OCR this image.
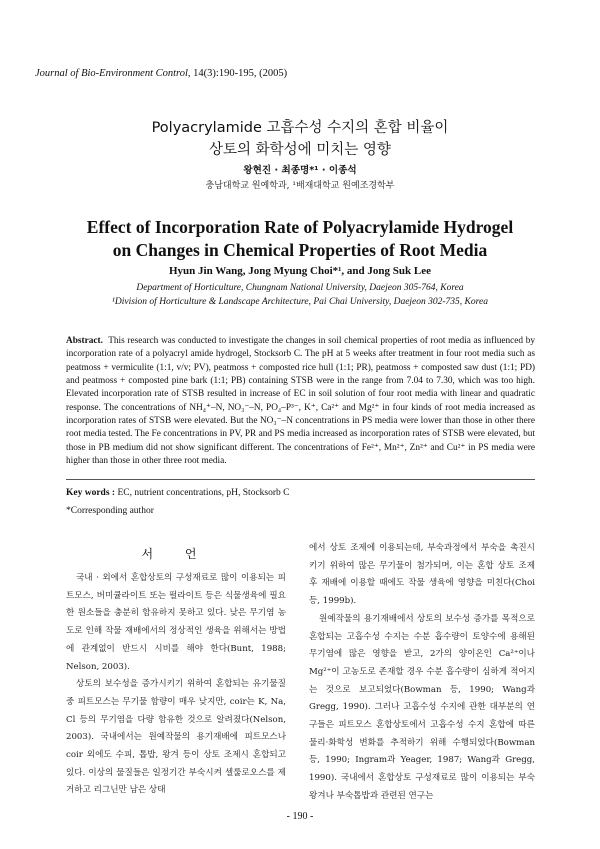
Journal of Bio-Environment Control, 14(3):190-195, (2005)
Polyacrylamide 고흡수성 수지의 혼합 비율이
상토의 화학성에 미치는 영향
왕현진 · 최종명*¹ · 이종석
충남대학교 원예학과, ¹배재대학교 원예조경학부
Effect of Incorporation Rate of Polyacrylamide Hydrogel
on Changes in Chemical Properties of Root Media
Hyun Jin Wang, Jong Myung Choi*¹, and Jong Suk Lee
Department of Horticulture, Chungnam National University, Daejeon 305-764, Korea
¹Division of Horticulture & Landscape Architecture, Pai Chai University, Daejeon 302-735, Korea
Abstract. This research was conducted to investigate the changes in soil chemical properties of root media as influenced by incorporation rate of a polyacryl amide hydrogel, Stocksorb C. The pH at 5 weeks after treatment in four root media such as peatmoss + vermiculite (1:1, v/v; PV), peatmoss + composted rice hull (1:1; PR), peatmoss + composted saw dust (1:1; PD) and peatmoss + composted pine bark (1:1; PB) containing STSB were in the range from 7.04 to 7.30, which was too high. Elevated incorporation rate of STSB resulted in increase of EC in soil solution of four root media with linear and quadratic response. The concentrations of NH₄⁺–N, NO₃⁻–N, PO₄–P³⁻, K⁺, Ca²⁺ and Mg²⁺ in four kinds of root media increased as incorporation rates of STSB were elevated. But the NO₃⁻–N concentrations in PS media were lower than those in other there root media tested. The Fe concentrations in PV, PR and PS media increased as incorporation rates of STSB were elevated, but those in PB medium did not show significant different. The concentrations of Fe²⁺, Mn²⁺, Zn²⁺ and Cu²⁺ in PS media were higher than those in other three root media.
Key words : EC, nutrient concentrations, pH, Stocksorb C
*Corresponding author
서 언

국내 · 외에서 혼합상토의 구성재료로 많이 이용되는 피트모스, 버미큘라이트 또는 펄라이트 등은 식물생육에 필요한 원소들을 충분히 함유하지 못하고 있다. 낮은 무기염 농도로 인해 작물 재배에서의 정상적인 생육을 위해서는 방법에 관계없이 반드시 시비를 해야 한다(Bunt, 1988; Nelson, 2003).

상토의 보수성을 증가시키기 위하여 혼합되는 유기물질 중 피트모스는 무기물 함량이 매우 낮지만, coir는 K, Na, Cl 등의 무기염을 다량 함유한 것으로 알려졌다(Nelson, 2003). 국내에서는 원예작물의 용기재배에 피트모스나 coir 외에도 수피, 톱밥, 왕겨 등이 상토 조제시 혼합되고 있다. 이상의 물질들은 일정기간 부숙시켜 셀룰로오스를 제거하고 리그닌만 남은 상태

에서 상토 조제에 이용되는데, 부숙과정에서 부숙을 촉진시키기 위하여 많은 무기물이 첨가되며, 이는 혼합 상토 조제 후 재배에 이용할 때에도 작물 생육에 영향을 미친다(Choi 등, 1999b).

원예작물의 용기재배에서 상토의 보수성 증가를 목적으로 혼합되는 고흡수성 수지는 수분 흡수량이 토양수에 용해된 무기염에 많은 영향을 받고, 2가의 양이온인 Ca²⁺이나 Mg²⁺이 고농도로 존재할 경우 수분 흡수량이 심하게 적어지는 것으로 보고되었다(Bowman 등, 1990; Wang과 Gregg, 1990). 그러나 고흡수성 수지에 관한 대부분의 연구들은 피트모스 혼합상토에서 고흡수성 수지 혼합에 따른 물리·화학성 변화를 추적하기 위해 수행되었다(Bowman 등, 1990; Ingram과 Yeager, 1987; Wang과 Gregg, 1990). 국내에서 혼합상토 구성재료로 많이 이용되는 부숙왕겨나 부숙톱밥과 관련된 연구는

- 190 -
